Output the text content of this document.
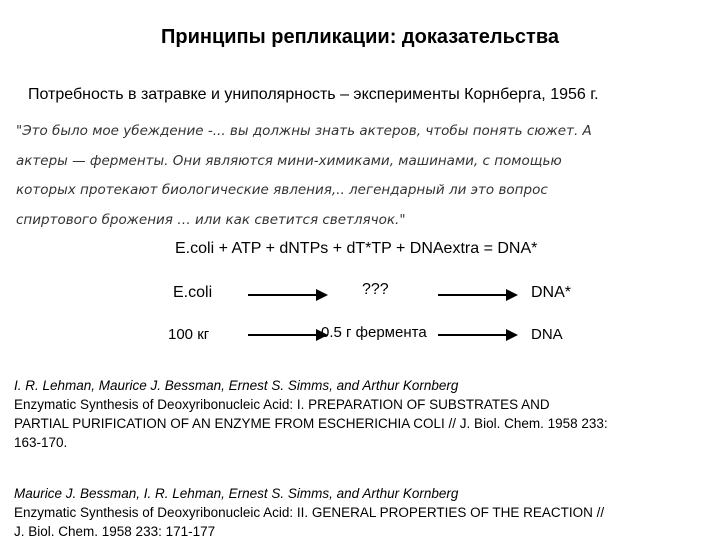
Принципы репликации: доказательства
Потребность в затравке и униполярность – эксперименты Корнберга, 1956 г.
"Это было мое убеждение -... вы должны знать актеров, чтобы понять сюжет. А
актеры — ферменты. Они являются мини-химиками, машинами, с помощью
которых протекают биологические явления,.. легендарный ли это вопрос
спиртового брожения … или как светится светлячок."
E.coli + ATP + dNTPs + dT*TP + DNAextra = DNA*
E.coli	???	DNA*
100 кг	0.5 г фермента	DNA
I. R. Lehman, Maurice J. Bessman, Ernest S. Simms, and Arthur Kornberg
Enzymatic Synthesis of Deoxyribonucleic Acid: I. PREPARATION OF SUBSTRATES AND
PARTIAL PURIFICATION OF AN ENZYME FROM ESCHERICHIA COLI // J. Biol. Chem. 1958 233:
163-170.
Maurice J. Bessman, I. R. Lehman, Ernest S. Simms, and Arthur Kornberg
Enzymatic Synthesis of Deoxyribonucleic Acid: II. GENERAL PROPERTIES OF THE REACTION //
J. Biol. Chem. 1958 233: 171-177
